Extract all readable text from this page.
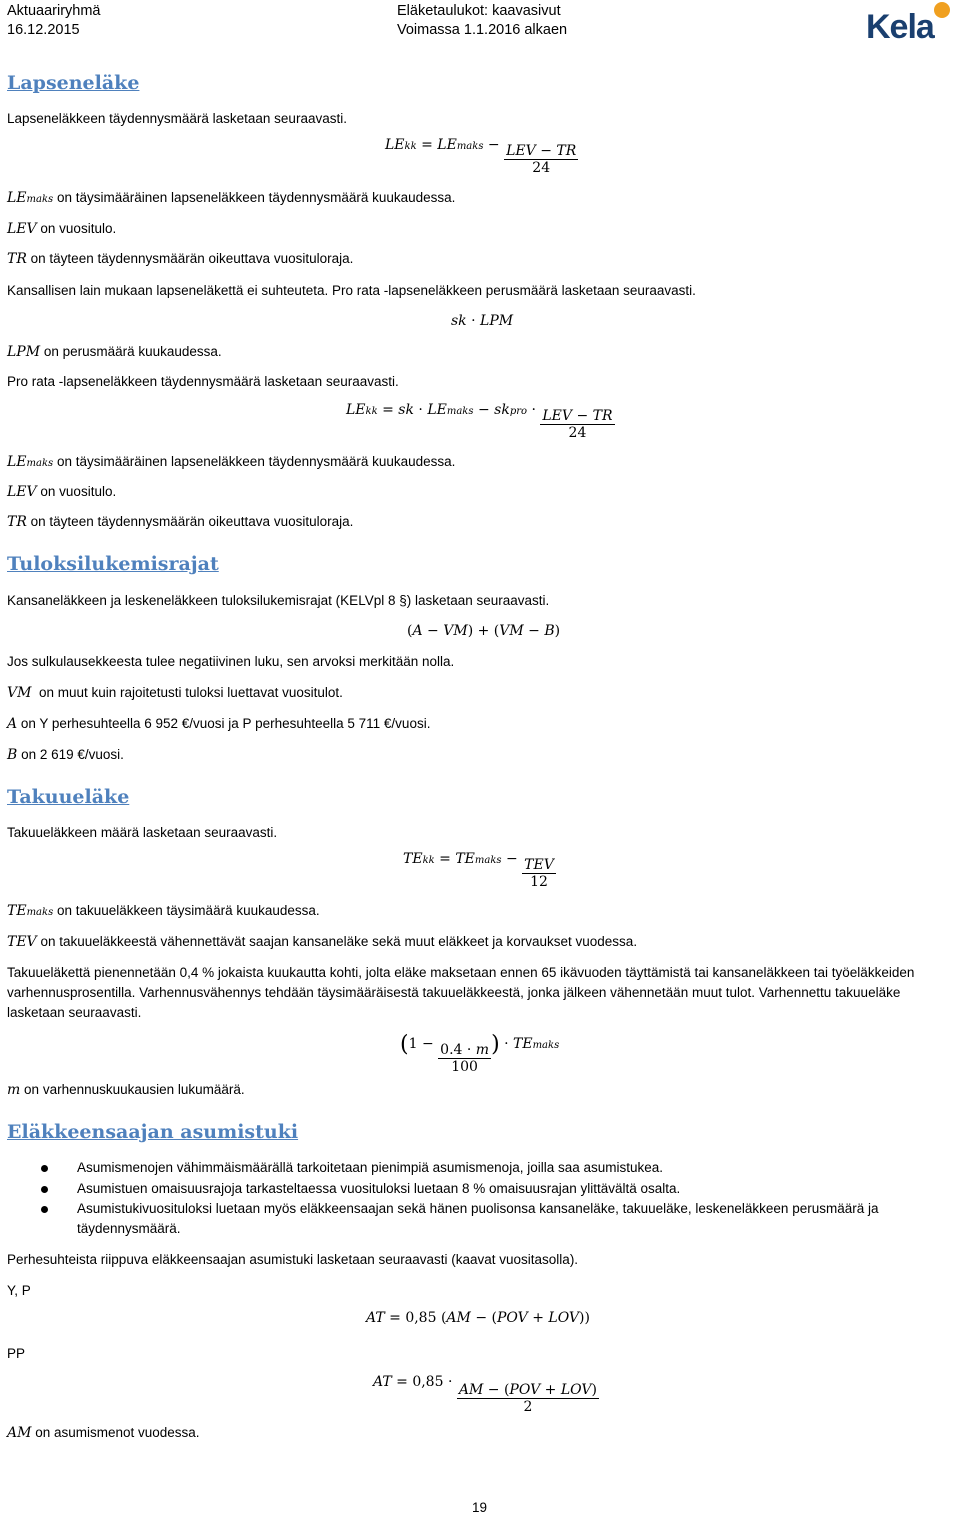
Aktuaariryhmä
16.12.2015
Eläketaulukot: kaavasivut
Voimassa 1.1.2016 alkaen	Kela
Lapseneläke
Lapseneläkkeen täydennysmäärä lasketaan seuraavasti.
LEkk = LEmaks − $\frac{\text{LEV − TR}}{24}$
LEmaks on täysimääräinen lapseneläkkeen täydennysmäärä kuukaudessa.
LEV on vuositulo.
TR on täyteen täydennysmäärän oikeuttava vuosituloraja.
Kansallisen lain mukaan lapseneläkettä ei suhteuteta. Pro rata -lapseneläkkeen perusmäärä lasketaan seuraavasti.
sk · LPM
LPM on perusmäärä kuukaudessa.
Pro rata -lapseneläkkeen täydennysmäärä lasketaan seuraavasti.
LEkk = sk · LEmaks − skpro · $\frac{\text{LEV − TR}}{24}$
LEmaks on täysimääräinen lapseneläkkeen täydennysmäärä kuukaudessa.
LEV on vuositulo.
TR on täyteen täydennysmäärän oikeuttava vuosituloraja.
Tuloksilukemisrajat
Kansaneläkkeen ja leskeneläkkeen tuloksilukemisrajat (KELVpl 8 §) lasketaan seuraavasti.
(A − VM) + (VM − B)
Jos sulkulausekkeesta tulee negatiivinen luku, sen arvoksi merkitään nolla.
VM on muut kuin rajoitetusti tuloksi luettavat vuositulot.
A on Y perhesuhteella 6 952 €/vuosi ja P perhesuhteella 5 711 €/vuosi.
B on 2 619 €/vuosi.
Takuueläke
Takuueläkkeen määrä lasketaan seuraavasti.
TEkk = TEmaks − $\frac{\text{TEV}}{12}$
TEmaks on takuueläkkeen täysimäärä kuukaudessa.
TEV on takuueläkkeestä vähennettävät saajan kansaneläke sekä muut eläkkeet ja korvaukset vuodessa.
Takuueläkettä pienennetään 0,4 % jokaista kuukautta kohti, jolta eläke maksetaan ennen 65 ikävuoden täyttämistä tai kansaneläkkeen tai työeläkkeiden varhennusprosentilla. Varhennusvähennys tehdään täysimääräisestä takuueläkkeestä, jonka jälkeen vähennetään muut tulot. Varhennettu takuueläke lasketaan seuraavasti.
($1 - \frac{0.4 \cdot m}{100}$ ) · TEmaks
m on varhennuskuukausien lukumäärä.
Eläkkeensaajan asumistuki
Asumismenojen vähimmäismäärällä tarkoitetaan pienimpiä asumismenoja, joilla saa asumistukea.
Asumistuen omaisuusrajoja tarkasteltaessa vuosituloksi luetaan 8 % omaisuusrajan ylittävältä osalta.
Asumistukivuosituloksi luetaan myös eläkkeensaajan sekä hänen puolisonsa kansaneläke, takuueläke, leskeneläkkeen perusmäärä ja täydennysmäärä.
Perhesuhteista riippuva eläkkeensaajan asumistuki lasketaan seuraavasti (kaavat vuositasolla).
Y, P
AT = 0,85 (AM − (POV + LOV))
PP
AT = $0,85 \cdot \frac{\text{AM − (POV + LOV)}}{2}$
AM on asumismenot vuodessa.
19
